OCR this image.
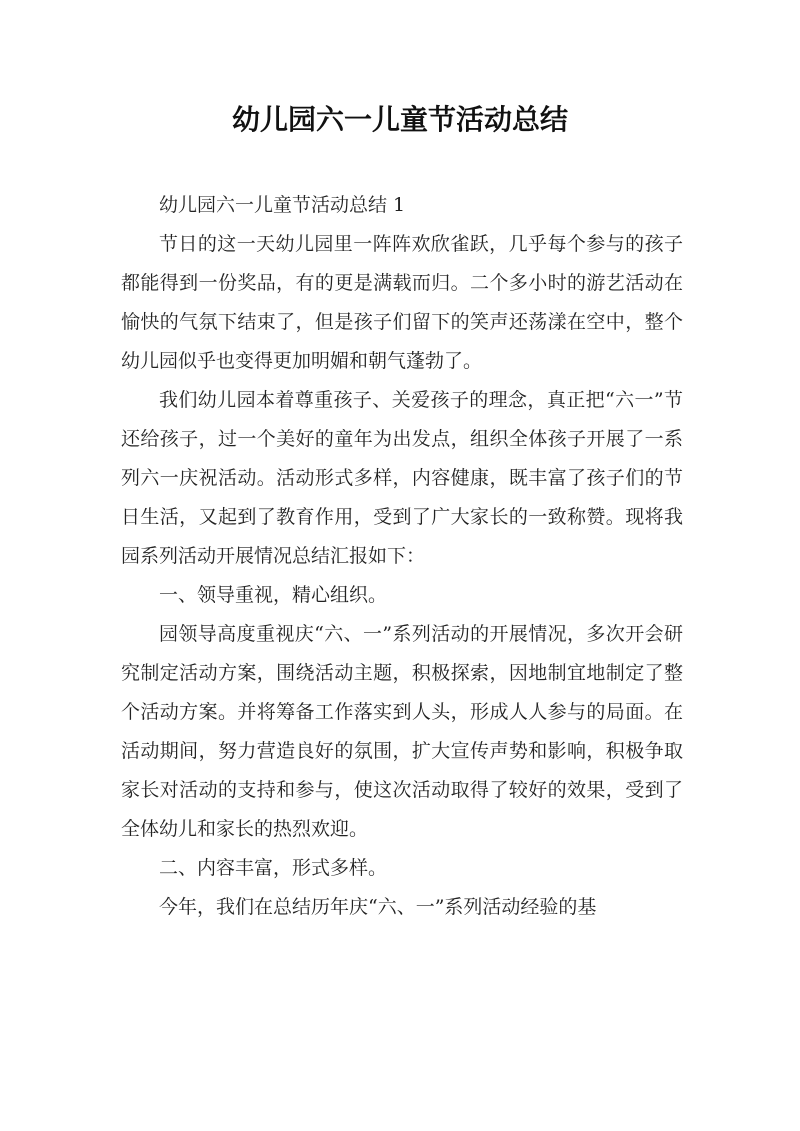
幼儿园六一儿童节活动总结

幼儿园六一儿童节活动总结 1

节日的这一天幼儿园里一阵阵欢欣雀跃，几乎每个参与的孩子都能得到一份奖品，有的更是满载而归。二个多小时的游艺活动在愉快的气氛下结束了，但是孩子们留下的笑声还荡漾在空中，整个幼儿园似乎也变得更加明媚和朝气蓬勃了。

我们幼儿园本着尊重孩子、关爱孩子的理念，真正把“六一”节还给孩子，过一个美好的童年为出发点，组织全体孩子开展了一系列六一庆祝活动。活动形式多样，内容健康，既丰富了孩子们的节日生活，又起到了教育作用，受到了广大家长的一致称赞。现将我园系列活动开展情况总结汇报如下：

一、领导重视，精心组织。

园领导高度重视庆“六、一”系列活动的开展情况，多次开会研究制定活动方案，围绕活动主题，积极探索，因地制宜地制定了整个活动方案。并将筹备工作落实到人头，形成人人参与的局面。在活动期间，努力营造良好的氛围，扩大宣传声势和影响，积极争取家长对活动的支持和参与，使这次活动取得了较好的效果，受到了全体幼儿和家长的热烈欢迎。

二、内容丰富，形式多样。

今年，我们在总结历年庆“六、一”系列活动经验的基
